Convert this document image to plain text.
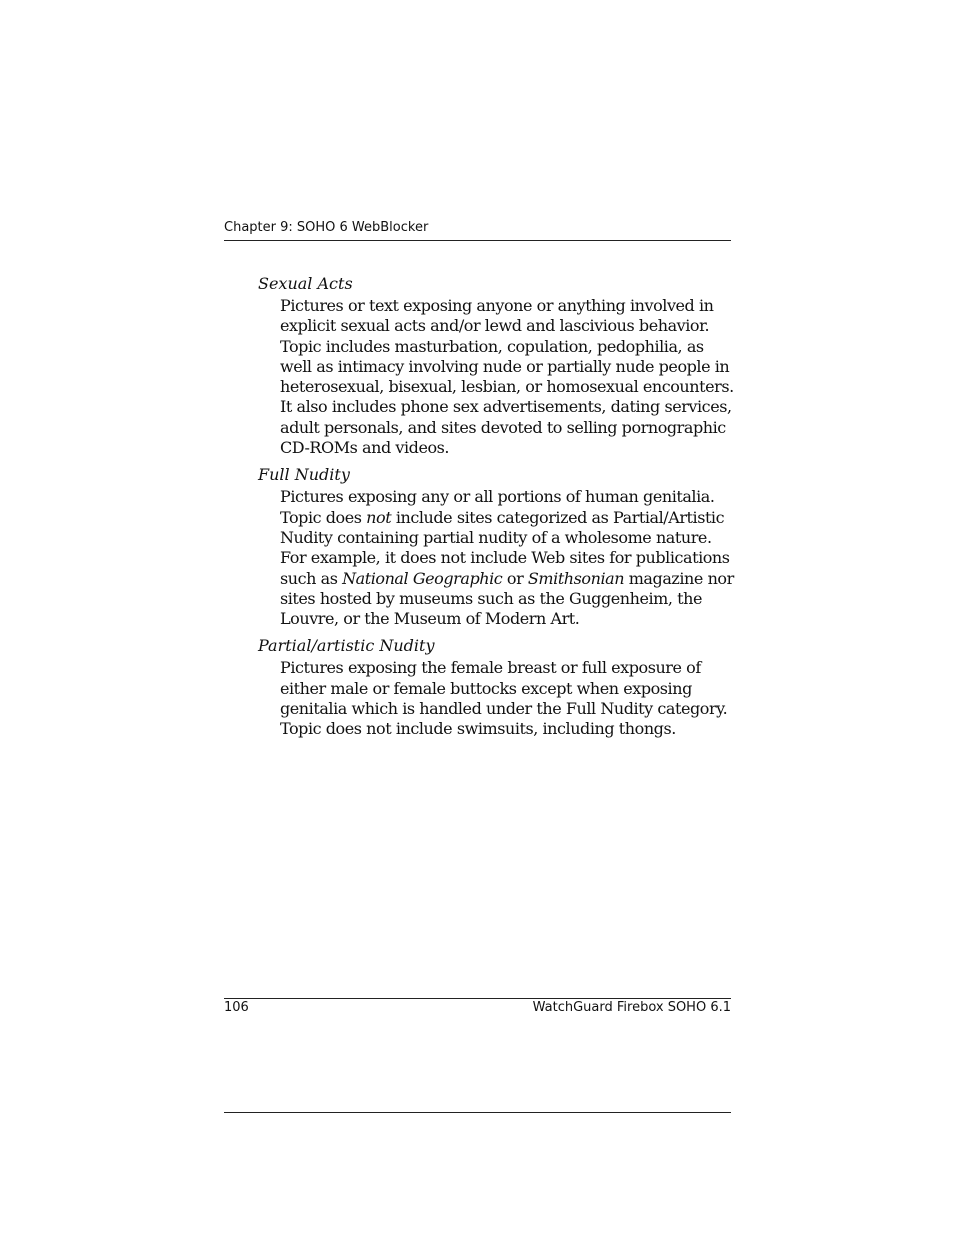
Chapter 9: SOHO 6 WebBlocker
Sexual Acts
Pictures or text exposing anyone or anything involved in
explicit sexual acts and/or lewd and lascivious behavior.
Topic includes masturbation, copulation, pedophilia, as
well as intimacy involving nude or partially nude people in
heterosexual, bisexual, lesbian, or homosexual encounters.
It also includes phone sex advertisements, dating services,
adult personals, and sites devoted to selling pornographic
CD-ROMs and videos.
Full Nudity
Pictures exposing any or all portions of human genitalia.
Topic does not include sites categorized as Partial/Artistic
Nudity containing partial nudity of a wholesome nature.
For example, it does not include Web sites for publications
such as National Geographic or Smithsonian magazine nor
sites hosted by museums such as the Guggenheim, the
Louvre, or the Museum of Modern Art.
Partial/artistic Nudity
Pictures exposing the female breast or full exposure of
either male or female buttocks except when exposing
genitalia which is handled under the Full Nudity category.
Topic does not include swimsuits, including thongs.
106	WatchGuard Firebox SOHO 6.1
